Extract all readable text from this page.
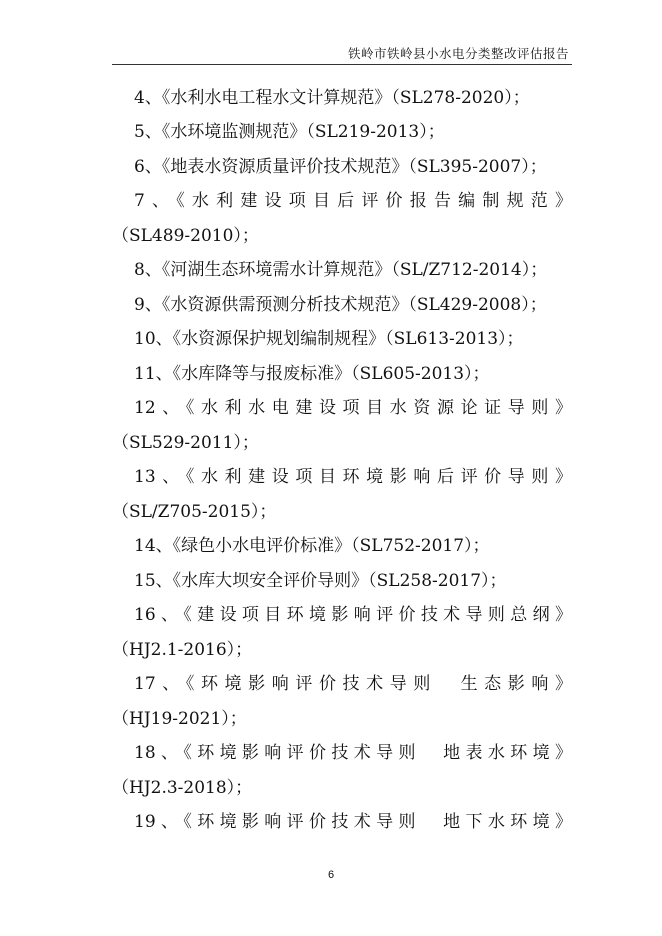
铁岭市铁岭县小水电分类整改评估报告
4、《水利水电工程水文计算规范》（SL278-2020）；
5、《水环境监测规范》（SL219-2013）；
6、《地表水资源质量评价技术规范》（SL395-2007）；
7、《水利建设项目后评价报告编制规范》
（SL489-2010）；
8、《河湖生态环境需水计算规范》（SL/Z712-2014）；
9、《水资源供需预测分析技术规范》（SL429-2008）；
10、《水资源保护规划编制规程》（SL613-2013）；
11、《水库降等与报废标准》（SL605-2013）；
12、《水利水电建设项目水资源论证导则》
（SL529-2011）；
13、《水利建设项目环境影响后评价导则》
（SL/Z705-2015）；
14、《绿色小水电评价标准》（SL752-2017）；
15、《水库大坝安全评价导则》（SL258-2017）；
16、《建设项目环境影响评价技术导则总纲》
（HJ2.1-2016）；
17、《环境影响评价技术导则　生态影响》
（HJ19-2021）；
18、《环境影响评价技术导则　地表水环境》
（HJ2.3-2018）；
19、《环境影响评价技术导则　地下水环境》
6
